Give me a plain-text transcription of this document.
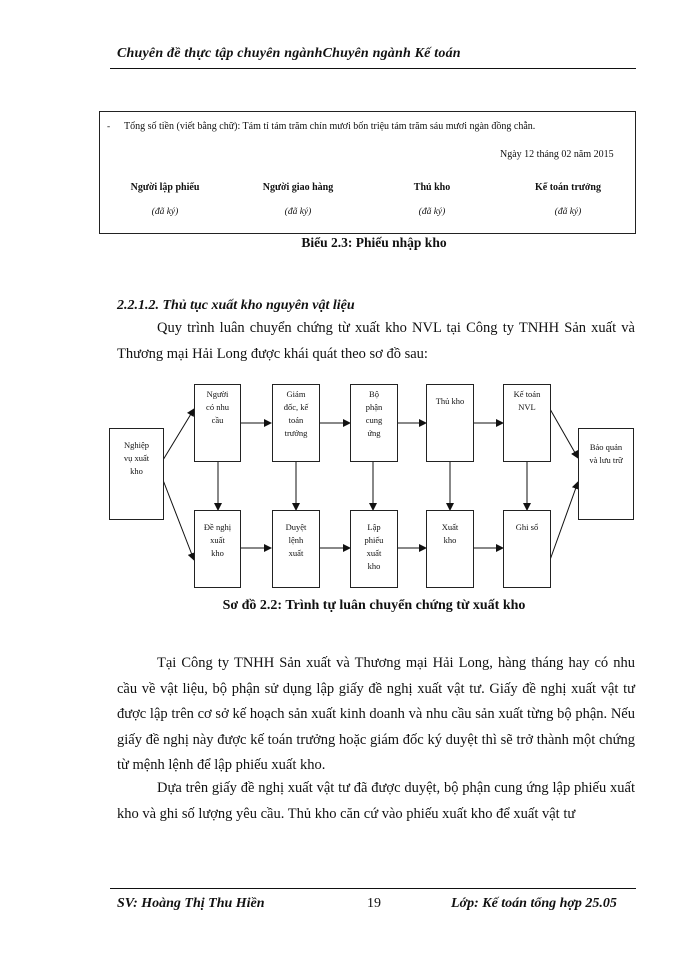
Chuyên đề thực tập chuyên ngànhChuyên ngành Kế toán
- Tổng số tiền (viết bằng chữ): Tám tỉ tám trăm chín mươi bốn triệu tám trăm sáu mươi ngàn đồng chẵn.
Ngày 12 tháng 02 năm 2015
Người lập phiếu
(đã ký)
Người giao hàng
(đã ký)
Thủ kho
(đã ký)
Kế toán trưởng
(đã ký)
Biểu 2.3: Phiếu nhập kho
2.2.1.2. Thủ tục xuất kho nguyên vật liệu
Quy trình luân chuyển chứng từ xuất kho NVL tại Công ty TNHH Sản xuất và Thương mại Hải Long được khái quát theo sơ đồ sau:
Nghiệp
vụ xuất
kho
Bảo quản
và lưu trữ
Người
có nhu
cầu
Giám
đốc, kế
toán
trưởng
Bộ
phận
cung
ứng
Thủ kho
Kế toán
NVL
Đề nghị
xuất
kho
Duyệt
lệnh
xuất
Lập
phiếu
xuất
kho
Xuất
kho
Ghi sổ
Sơ đồ 2.2: Trình tự luân chuyển chứng từ xuất kho
Tại Công ty TNHH Sản xuất và Thương mại Hải Long, hàng tháng hay có nhu cầu về vật liệu, bộ phận sử dụng lập giấy đề nghị xuất vật tư. Giấy đề nghị xuất vật tư được lập trên cơ sở kế hoạch sản xuất kinh doanh và nhu cầu sản xuất từng bộ phận. Nếu giấy đề nghị này được kế toán trưởng hoặc giám đốc ký duyệt thì sẽ trở thành một chứng từ mệnh lệnh để lập phiếu xuất kho.
Dựa trên giấy đề nghị xuất vật tư đã được duyệt, bộ phận cung ứng lập phiếu xuất kho và ghi số lượng yêu cầu. Thủ kho căn cứ vào phiếu xuất kho để xuất vật tư
SV: Hoàng Thị Thu Hiền	19	Lớp: Kế toán tổng hợp 25.05
